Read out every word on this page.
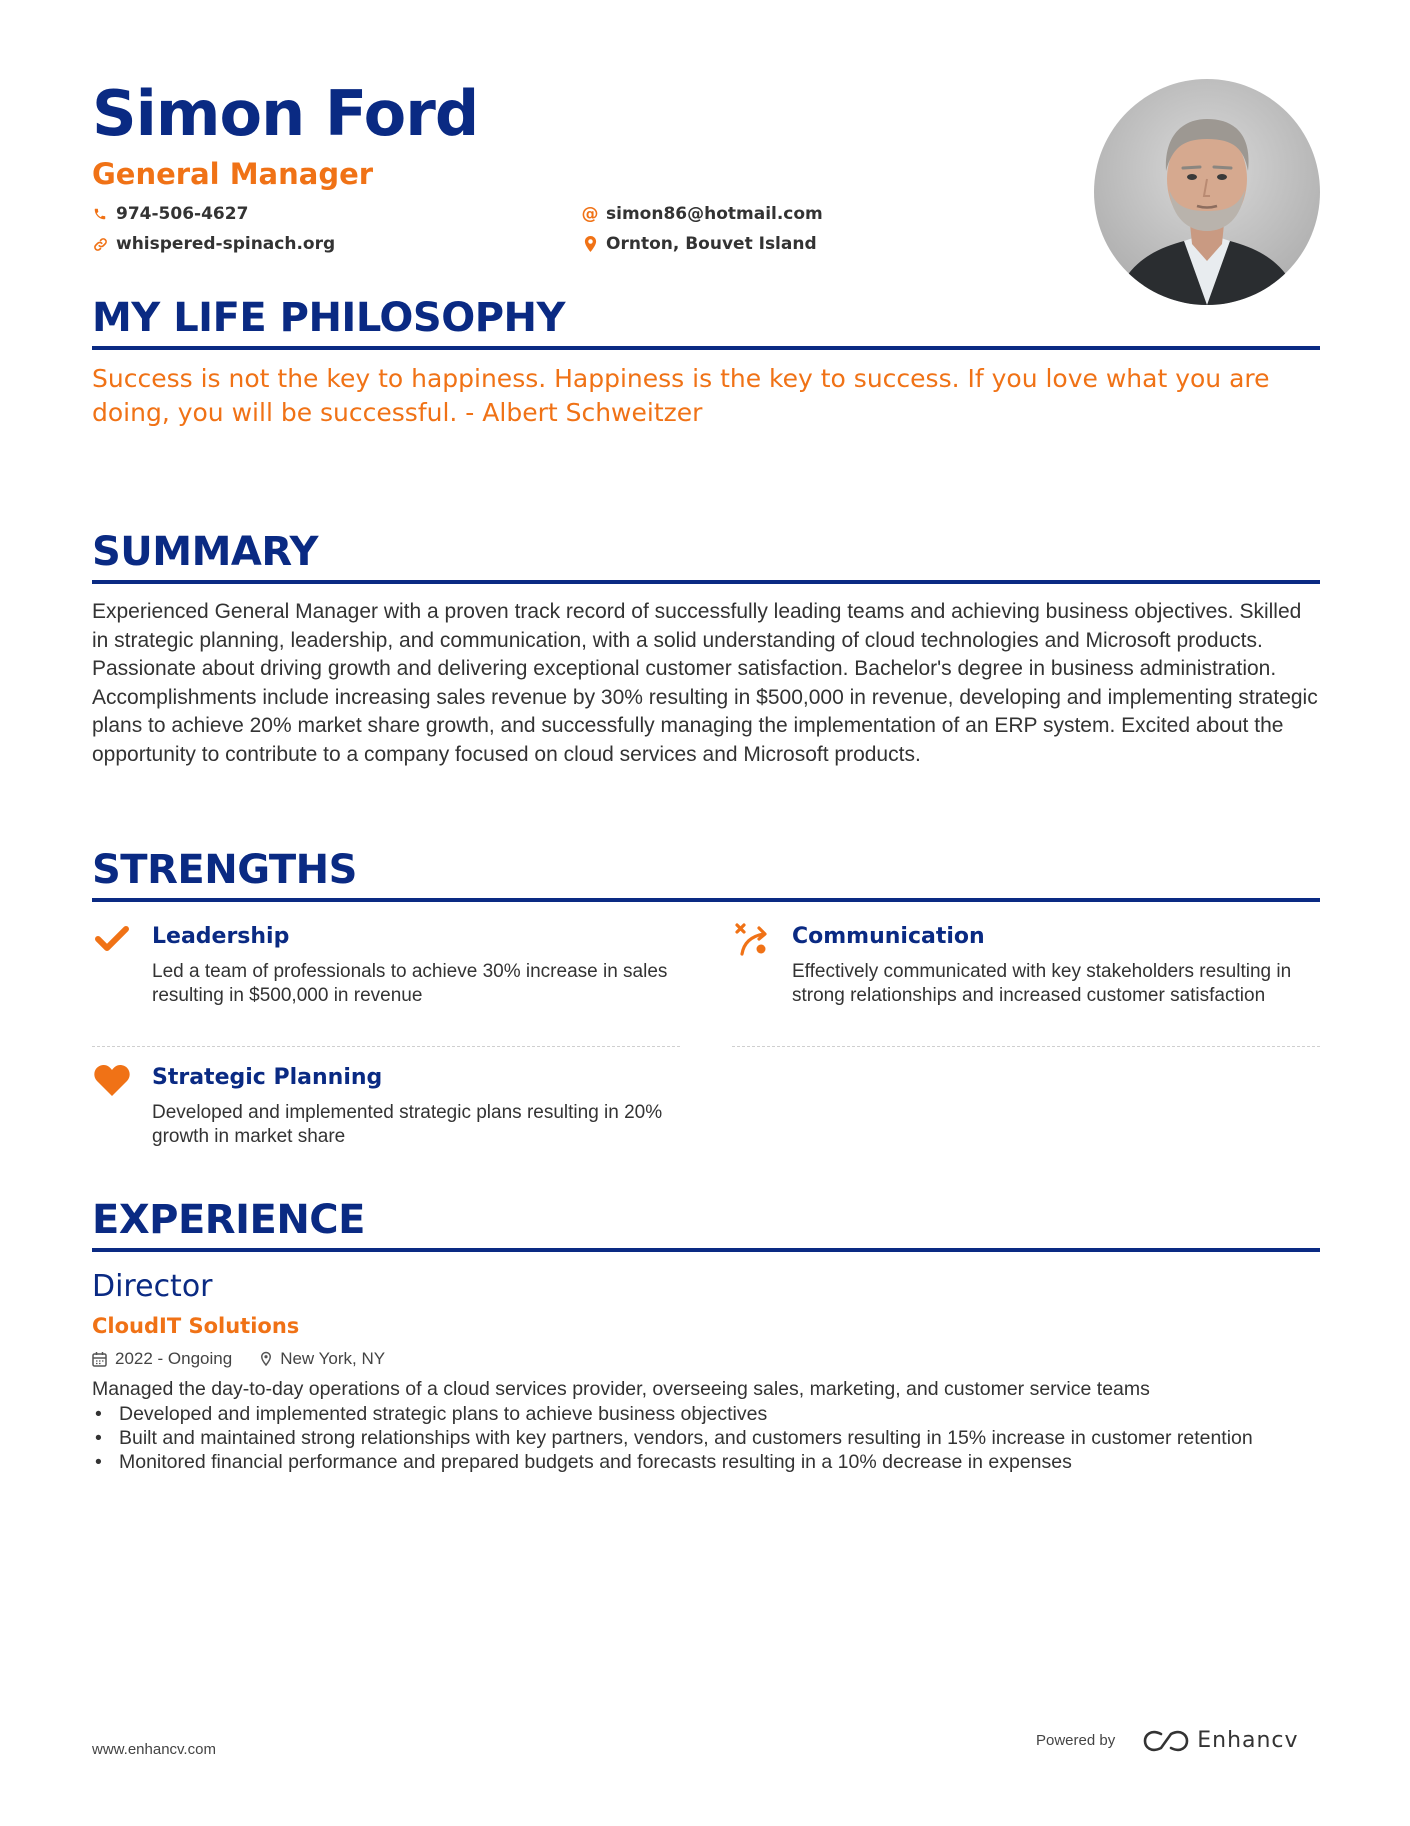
Simon Ford
General Manager
974-506-4627	@ simon86@hotmail.com
whispered-spinach.org	Ornton, Bouvet Island
MY LIFE PHILOSOPHY
Success is not the key to happiness. Happiness is the key to success. If you love what you are doing, you will be successful. - Albert Schweitzer
SUMMARY
Experienced General Manager with a proven track record of successfully leading teams and achieving business objectives. Skilled in strategic planning, leadership, and communication, with a solid understanding of cloud technologies and Microsoft products. Passionate about driving growth and delivering exceptional customer satisfaction. Bachelor's degree in business administration. Accomplishments include increasing sales revenue by 30% resulting in $500,000 in revenue, developing and implementing strategic plans to achieve 20% market share growth, and successfully managing the implementation of an ERP system. Excited about the opportunity to contribute to a company focused on cloud services and Microsoft products.
STRENGTHS
Leadership
Led a team of professionals to achieve 30% increase in sales resulting in $500,000 in revenue
Communication
Effectively communicated with key stakeholders resulting in strong relationships and increased customer satisfaction
Strategic Planning
Developed and implemented strategic plans resulting in 20% growth in market share
EXPERIENCE
Director
CloudIT Solutions
2022 - Ongoing	New York, NY
Managed the day-to-day operations of a cloud services provider, overseeing sales, marketing, and customer service teams
• Developed and implemented strategic plans to achieve business objectives
• Built and maintained strong relationships with key partners, vendors, and customers resulting in 15% increase in customer retention
• Monitored financial performance and prepared budgets and forecasts resulting in a 10% decrease in expenses
www.enhancv.com
Powered by	Enhancv
